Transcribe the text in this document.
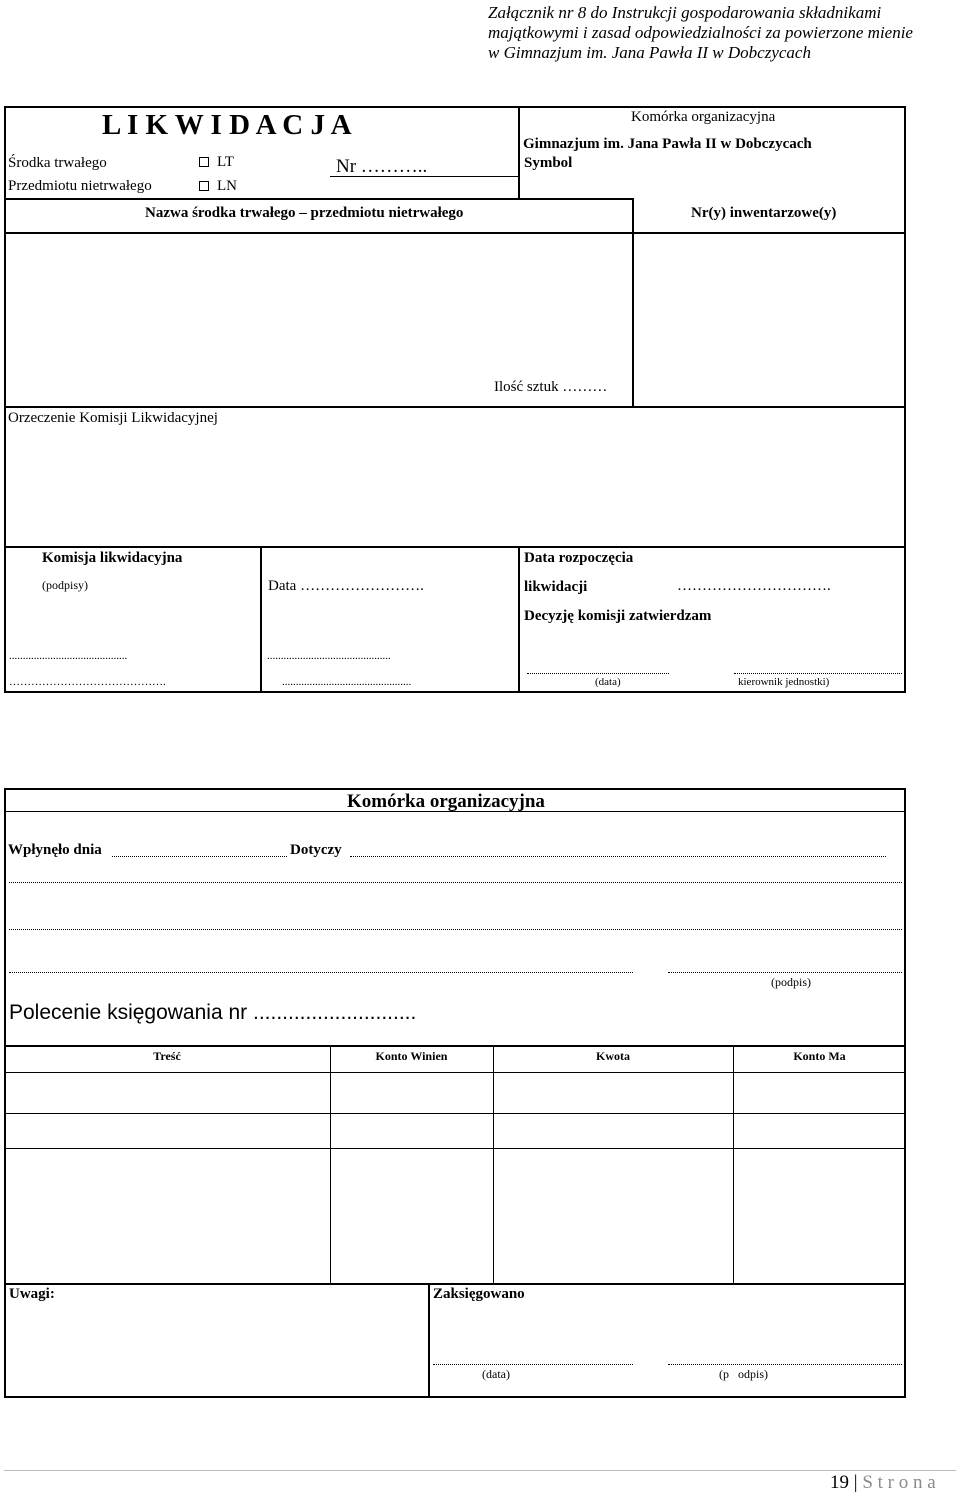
Załącznik nr 8 do Instrukcji gospodarowania składnikami
majątkowymi i zasad odpowiedzialności za powierzone mienie
w Gimnazjum im. Jana Pawła II w Dobczycach
L I K W I D A C J A
Środka trwałego	LT	Nr ………..
Przedmiotu nietrwałego	LN
Komórka organizacyjna
Gimnazjum im. Jana Pawła II w Dobczycach
Symbol
Nazwa środka trwałego – przedmiotu nietrwałego	Nr(y) inwentarzowe(y)
Ilość sztuk ………
Orzeczenie Komisji Likwidacyjnej
Komisja likwidacyjna
(podpisy)	Data …………………….
Data rozpoczęcia
likwidacji	………………………….
Decyzję komisji zatwierdzam
...........................................
…………………………………….
.............................................
...............................................	(data)	kierownik jednostki)
Komórka organizacyjna
Wpłynęło dnia	Dotyczy
(podpis)
Polecenie księgowania nr ............................
Treść	Konto Winien	Kwota	Konto Ma
Uwagi:	Zaksięgowano
(data)	(p   odpis)
19 | S t r o n a
